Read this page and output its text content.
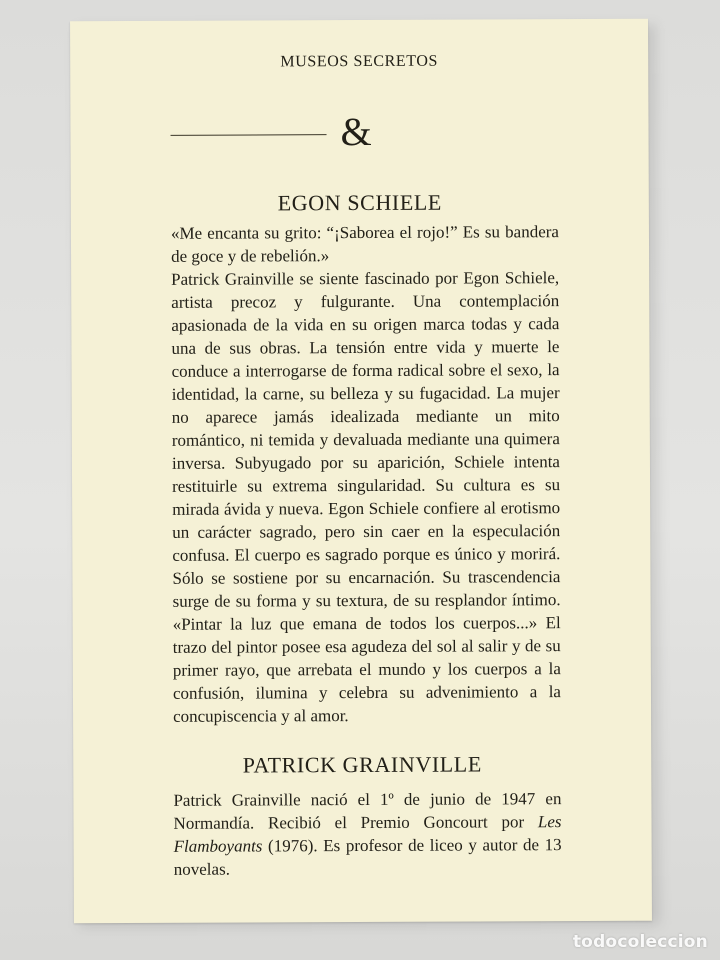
MUSEOS SECRETOS
&
EGON SCHIELE
«Me encanta su grito: “¡Saborea el rojo!” Es su bandera de goce y de rebelión.»
Patrick Grainville se siente fascinado por Egon Schiele, artista precoz y fulgurante. Una contemplación apasionada de la vida en su origen marca todas y cada una de sus obras. La tensión entre vida y muerte le conduce a interrogarse de forma radical sobre el sexo, la identidad, la carne, su belleza y su fugacidad. La mujer no aparece jamás idealizada mediante un mito romántico, ni temida y devaluada mediante una quimera inversa. Subyugado por su aparición, Schiele intenta restituirle su extrema singularidad. Su cultura es su mirada ávida y nueva. Egon Schiele confiere al erotismo un carácter sagrado, pero sin caer en la especulación confusa. El cuerpo es sagrado porque es único y morirá. Sólo se sostiene por su encarnación. Su trascendencia surge de su forma y su textura, de su resplandor íntimo. «Pintar la luz que emana de todos los cuerpos...» El trazo del pintor posee esa agudeza del sol al salir y de su primer rayo, que arrebata el mundo y los cuerpos a la confusión, ilumina y celebra su advenimiento a la concupiscencia y al amor.
PATRICK GRAINVILLE
Patrick Grainville nació el 1º de junio de 1947 en Normandía. Recibió el Premio Goncourt por Les Flamboyants (1976). Es profesor de liceo y autor de 13 novelas.
todocoleccion
